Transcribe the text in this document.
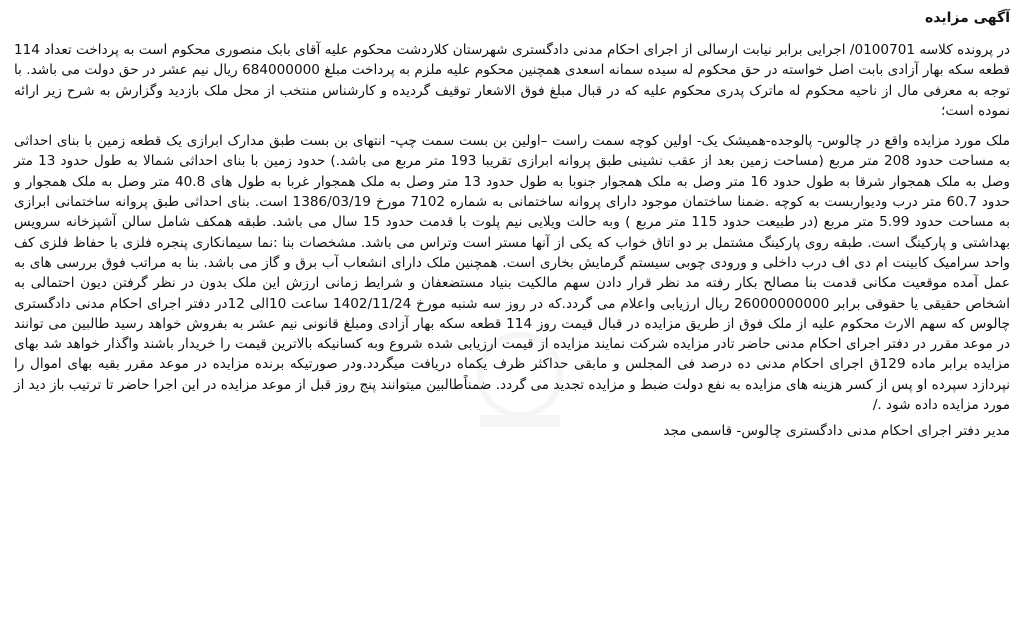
آگهی مزایده

در پرونده کلاسه 0100701/ اجرایی برابر نیابت ارسالی از اجرای احکام مدنی دادگستری شهرستان کلاردشت محکوم علیه آقای بابک منصوری محکوم است به پرداخت تعداد 114 قطعه سکه بهار آزادی بابت اصل خواسته در حق محکوم له سیده سمانه اسعدی همچنین محکوم علیه ملزم به پرداخت مبلغ 684000000 ریال نیم عشر در حق دولت می باشد. با توجه به معرفی مال از ناحیه محکوم له ماترک پدری محکوم علیه که در قبال مبلغ فوق الاشعار توقیف گردیده و کارشناس منتخب از محل ملک بازدید وگزارش به شرح زیر ارائه نموده است؛

ملک مورد مزایده واقع در چالوس- پالوجده-همیشک یک- اولین کوچه سمت راست –اولین بن بست سمت چپ- انتهای بن بست طبق مدارک ابرازی یک قطعه زمین با بنای احداثی به مساحت حدود 208 متر مربع (مساحت زمین بعد از عقب نشینی طبق پروانه ابرازی تقریبا 193 متر مربع می باشد.) حدود زمین با بنای احداثی شمالا به طول حدود 13 متر وصل به ملک همجوار شرقا به طول حدود 16 متر وصل به ملک همجوار جنوبا به طول حدود 13 متر وصل به ملک همجوار غربا به طول های 40.8 متر وصل به ملک همجوار و حدود 60.7 متر درب ودیواربست به کوچه .ضمنا ساختمان موجود دارای پروانه ساختمانی به شماره 7102 مورخ 1386/03/19 است. بنای احداثی طبق پروانه ساختمانی ابرازی به مساحت حدود 5.99 متر مربع (در طبیعت حدود 115 متر مربع ) وبه حالت ویلایی نیم پلوت با قدمت حدود 15 سال می باشد. طبقه همکف شامل سالن آشپزخانه سرویس بهداشتی و پارکینگ است. طبقه روی پارکینگ مشتمل بر دو اتاق خواب که یکی از آنها مستر است وتراس می باشد. مشخصات بنا :نما سیمانکاری پنجره فلزی با حفاظ فلزی کف واحد سرامیک کابینت ام دی اف درب داخلی و ورودی چوبی سیستم گرمایش بخاری است. همچنین ملک دارای انشعاب آب برق و گاز می باشد. بنا به مراتب فوق بررسی های به عمل آمده موقعیت مکانی قدمت بنا مصالح بکار رفته مد نظر قرار دادن سهم مالکیت بنیاد مستضعفان و شرایط زمانی ارزش این ملک بدون در نظر گرفتن دیون احتمالی به اشخاص حقیقی یا حقوقی برابر 26000000000 ریال ارزیابی واعلام می گردد.که در روز سه شنبه مورخ 1402/11/24 ساعت 10الی 12در دفتر اجرای احکام مدنی دادگستری چالوس که سهم الارث محکوم علیه از ملک فوق از طریق مزایده در قبال قیمت روز 114 قطعه سکه بهار آزادی ومبلغ قانونی نیم عشر به بفروش خواهد رسید طالبین می توانند در موعد مقرر در دفتر اجرای احکام مدنی حاضر تادر مزایده شرکت نمایند مزایده از قیمت ارزیابی شده شروع وبه کسانیکه بالاترین قیمت را خریدار باشند واگذار خواهد شد بهای مزایده برابر ماده 129ق اجرای احکام مدنی ده درصد فی المجلس و مابقی حداکثر ظرف یکماه دریافت میگردد.ودر صورتیکه برنده مزایده در موعد مقرر بقیه بهای اموال را نپردازد سپرده او پس از کسر هزینه های مزایده به نفع دولت ضبط و مزایده تجدید می گردد. ضمناًطالبین میتوانند پنج روز قبل از موعد مزایده در این اجرا حاضر تا ترتیب باز دید از مورد مزایده داده شود ./

مدیر دفتر اجرای احکام مدنی دادگستری چالوس- قاسمی مجد
